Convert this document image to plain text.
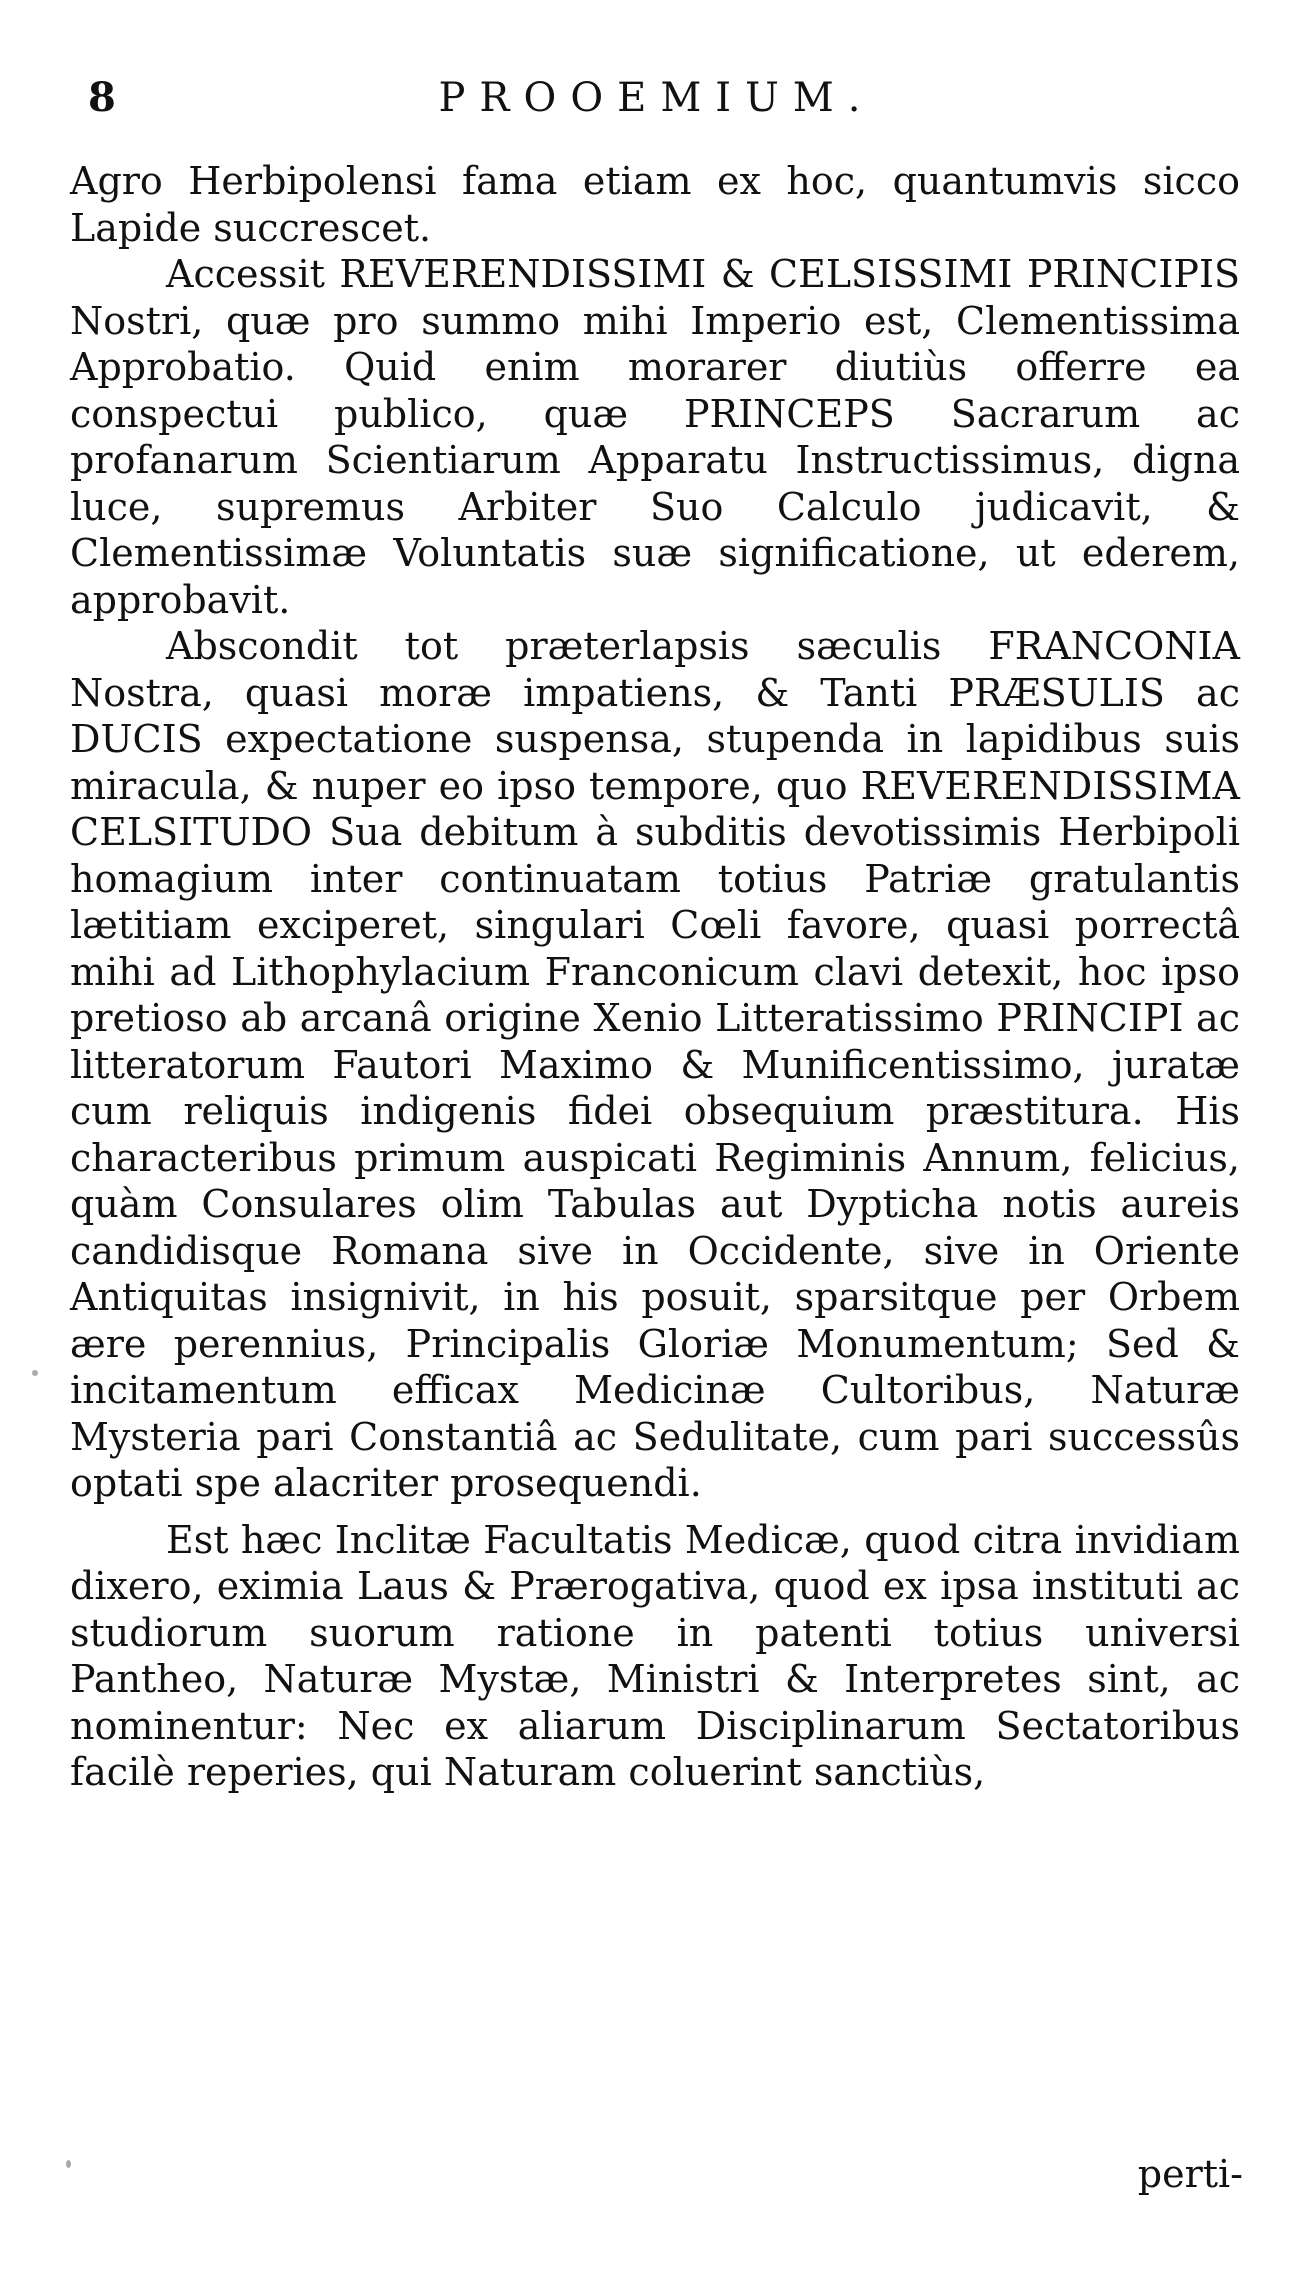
8	PROOEMIUM.

Agro Herbipolensi fama etiam ex hoc, quantumvis sicco Lapide succrescet.

Accessit REVERENDISSIMI & CELSISSIMI PRINCIPIS Nostri, quæ pro summo mihi Imperio est, Clementissima Approbatio. Quid enim morarer diutiùs offerre ea conspectui publico, quæ PRINCEPS Sacrarum ac profanarum Scientiarum Apparatu Instructissimus, digna luce, supremus Arbiter Suo Calculo judicavit, & Clementissimæ Voluntatis suæ significatione, ut ederem, approbavit.

Abscondit tot præterlapsis sæculis FRANCONIA Nostra, quasi moræ impatiens, & Tanti PRÆSULIS ac DUCIS expectatione suspensa, stupenda in lapidibus suis miracula, & nuper eo ipso tempore, quo REVERENDISSIMA CELSITUDO Sua debitum à subditis devotissimis Herbipoli homagium inter continuatam totius Patriæ gratulantis lætitiam exciperet, singulari Cœli favore, quasi porrectâ mihi ad Lithophylacium Franconicum clavi detexit, hoc ipso pretioso ab arcanâ origine Xenio Litteratissimo PRINCIPI ac litteratorum Fautori Maximo & Munificentissimo, juratæ cum reliquis indigenis fidei obsequium præstitura. His characteribus primum auspicati Regiminis Annum, felicius, quàm Consulares olim Tabulas aut Dypticha notis aureis candidisque Romana sive in Occidente, sive in Oriente Antiquitas insignivit, in his posuit, sparsitque per Orbem ære perennius, Principalis Gloriæ Monumentum; Sed & incitamentum efficax Medicinæ Cultoribus, Naturæ Mysteria pari Constantiâ ac Sedulitate, cum pari successûs optati spe alacriter prosequendi.

Est hæc Inclitæ Facultatis Medicæ, quod citra invidiam dixero, eximia Laus & Prærogativa, quod ex ipsa instituti ac studiorum suorum ratione in patenti totius universi Pantheo, Naturæ Mystæ, Ministri & Interpretes sint, ac nominentur: Nec ex aliarum Disciplinarum Sectatoribus facilè reperies, qui Naturam coluerint sanctiùs,

perti-
